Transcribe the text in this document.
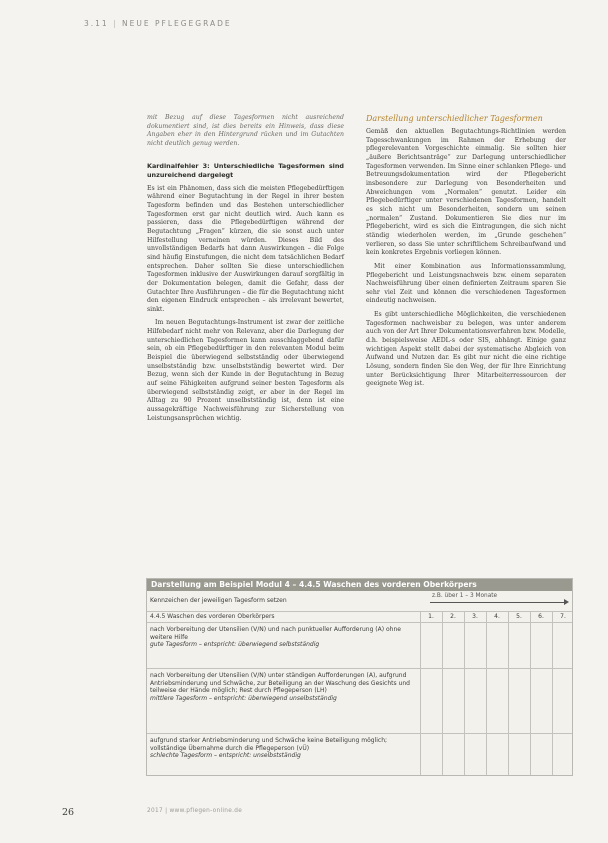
3.11 | NEUE PFLEGEGRADE

mit Bezug auf diese Tagesformen nicht ausreichend dokumentiert sind, ist dies bereits ein Hinweis, dass diese Angaben eher in den Hintergrund rücken und im Gutachten nicht deutlich genug werden.

Kardinalfehler 3: Unterschiedliche Tagesformen sind unzureichend dargelegt

Es ist ein Phänomen, dass sich die meisten Pflegebedürftigen während einer Begutachtung in der Regel in ihrer besten Tagesform befinden und das Bestehen unterschiedlicher Tagesformen erst gar nicht deutlich wird. Auch kann es passieren, dass die Pflegebedürftigen während der Begutachtung „Fragen“ kürzen, die sie sonst auch unter Hilfestellung verneinen würden. Dieses Bild des unvollständigen Bedarfs hat dann Auswirkungen – die Folge sind häufig Einstufungen, die nicht dem tatsächlichen Bedarf entsprechen. Daher sollten Sie diese unterschiedlichen Tagesformen inklusive der Auswirkungen darauf sorgfältig in der Dokumentation belegen, damit die Gefahr, dass der Gutachter Ihre Ausführungen – die für die Begutachtung nicht den eigenen Eindruck entsprechen – als irrelevant bewertet, sinkt.

Im neuen Begutachtungs-Instrument ist zwar der zeitliche Hilfebedarf nicht mehr von Relevanz, aber die Darlegung der unterschiedlichen Tagesformen kann ausschlaggebend dafür sein, ob ein Pflegebedürftiger in den relevanten Modul beim Beispiel die überwiegend selbstständig oder überwiegend unselbstständig bzw. unselbstständig bewertet wird. Der Bezug, wenn sich der Kunde in der Begutachtung in Bezug auf seine Fähigkeiten aufgrund seiner besten Tagesform als überwiegend selbstständig zeigt, er aber in der Regel im Alltag zu 90 Prozent unselbstständig ist, denn ist eine aussagekräftige Nachweisführung zur Sicherstellung von Leistungsansprüchen wichtig.

Darstellung unterschiedlicher Tagesformen

Gemäß den aktuellen Begutachtungs-Richtlinien werden Tagesschwankungen im Rahmen der Erhebung der pflegerelevanten Vorgeschichte einmalig. Sie sollten hier „äußere Berichtsanträge“ zur Darlegung unterschiedlicher Tagesformen verwenden. Im Sinne einer schlanken Pflege- und Betreuungsdokumentation wird der Pflegebericht insbesondere zur Darlegung von Besonderheiten und Abweichungen vom „Normalen“ genutzt. Leider ein Pflegebedürftiger unter verschiedenen Tagesformen, handelt es sich nicht um Besonderheiten, sondern um seinen „normalen“ Zustand. Dokumentieren Sie dies nur im Pflegebericht, wird es sich die Eintragungen, die sich nicht ständig wiederholen werden, im „Grunde geschehen“ verlieren, so dass Sie unter schriftlichem Schreibaufwand und kein konkretes Ergebnis vorliegen können.

Mit einer Kombination aus Informationssammlung, Pflegebericht und Leistungsnachweis bzw. einem separaten Nachweisführung über einen definierten Zeitraum sparen Sie sehr viel Zeit und können die verschiedenen Tagesformen eindeutig nachweisen.

Es gibt unterschiedliche Möglichkeiten, die verschiedenen Tagesformen nachweisbar zu belegen, was unter anderem auch von der Art Ihrer Dokumentationsverfahren bzw. Modelle, d.h. beispielsweise AEDL-s oder SIS, abhängt. Einige ganz wichtigen Aspekt stellt dabei der systematische Abgleich von Aufwand und Nutzen dar. Es gibt nur nicht die eine richtige Lösung, sondern finden Sie den Weg, der für Ihre Einrichtung unter Berücksichtigung Ihrer Mitarbeiterressourcen der geeignete Weg ist.

Darstellung am Beispiel Modul 4 – 4.4.5 Waschen des vorderen Oberkörpers
Kennzeichen der jeweiligen Tagesform setzen
z.B. über 1 – 3 Monate
4.4.5 Waschen des vorderen Oberkörpers	1.	2.	3.	4.	5.	6.	7.
nach Vorbereitung der Utensilien (V/N) und nach punktueller Aufforderung (A) ohne weitere Hilfe
gute Tagesform – entspricht: überwiegend selbstständig
nach Vorbereitung der Utensilien (V/N) unter ständigen Aufforderungen (A), aufgrund Antriebsminderung und Schwäche, zur Beteiligung an der Waschung des Gesichts und teilweise der Hände möglich; Rest durch Pflegeperson (LH)
mittlere Tagesform – entspricht: überwiegend unselbstständig
aufgrund starker Antriebsminderung und Schwäche keine Beteiligung möglich; vollständige Übernahme durch die Pflegeperson (vÜ)
schlechte Tagesform – entspricht: unselbstständig
26	2017 | www.pflegen-online.de
